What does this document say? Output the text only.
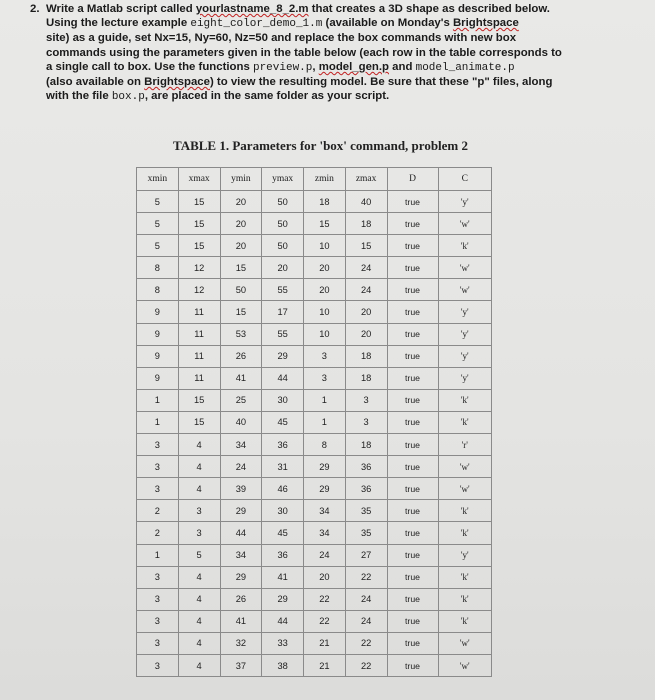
2. Write a Matlab script called yourlastname_8_2.m that creates a 3D shape as described below.
Using the lecture example eight_color_demo_1.m (available on Monday's Brightspace
site) as a guide, set Nx=15, Ny=60, Nz=50 and replace the box commands with new box
commands using the parameters given in the table below (each row in the table corresponds to
a single call to box. Use the functions preview.p, model_gen.p and model_animate.p
(also available on Brightspace) to view the resulting model. Be sure that these "p" files, along
with the file box.p, are placed in the same folder as your script.
TABLE 1. Parameters for 'box' command, problem 2
xmin	xmax	ymin	ymax	zmin	zmax	D	C
5	15	20	50	18	40	true	'y'
5	15	20	50	15	18	true	'w'
5	15	20	50	10	15	true	'k'
8	12	15	20	20	24	true	'w'
8	12	50	55	20	24	true	'w'
9	11	15	17	10	20	true	'y'
9	11	53	55	10	20	true	'y'
9	11	26	29	3	18	true	'y'
9	11	41	44	3	18	true	'y'
1	15	25	30	1	3	true	'k'
1	15	40	45	1	3	true	'k'
3	4	34	36	8	18	true	'r'
3	4	24	31	29	36	true	'w'
3	4	39	46	29	36	true	'w'
2	3	29	30	34	35	true	'k'
2	3	44	45	34	35	true	'k'
1	5	34	36	24	27	true	'y'
3	4	29	41	20	22	true	'k'
3	4	26	29	22	24	true	'k'
3	4	41	44	22	24	true	'k'
3	4	32	33	21	22	true	'w'
3	4	37	38	21	22	true	'w'
